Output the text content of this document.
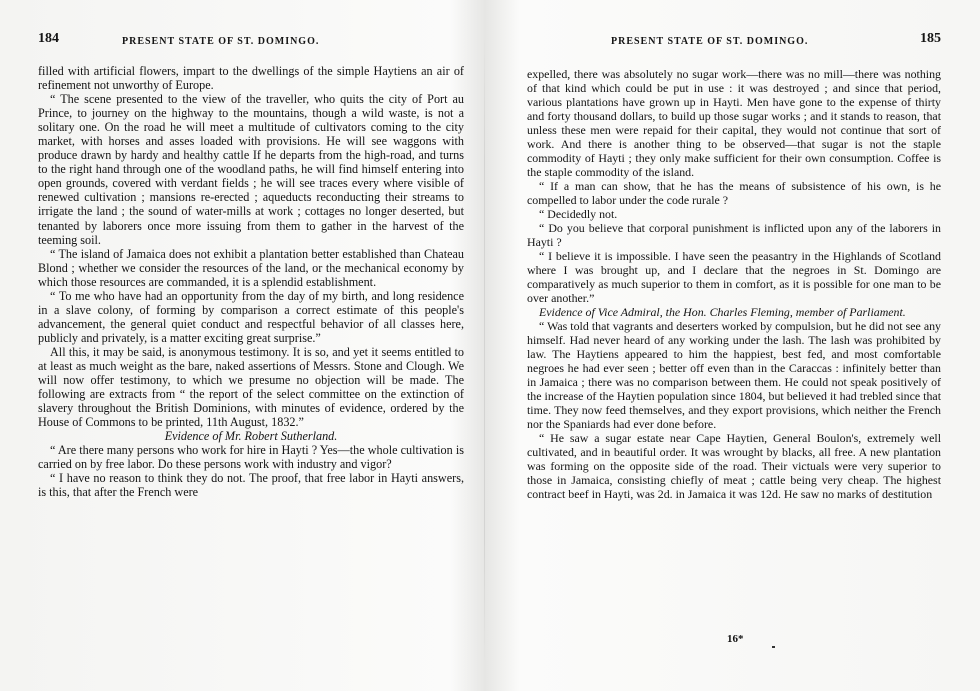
184	PRESENT STATE OF ST. DOMINGO.

filled with artificial flowers, impart to the dwellings of the simple Haytiens an air of refinement not unworthy of Europe.

“ The scene presented to the view of the traveller, who quits the city of Port au Prince, to journey on the highway to the mountains, though a wild waste, is not a solitary one. On the road he will meet a multitude of cultivators coming to the city market, with horses and asses loaded with provisions. He will see waggons with produce drawn by hardy and healthy cattle If he departs from the high-road, and turns to the right hand through one of the woodland paths, he will find himself entering into open grounds, covered with verdant fields ; he will see traces every where visible of renewed cultivation ; mansions re-erected ; aqueducts reconducting their streams to irrigate the land ; the sound of water-mills at work ; cottages no longer deserted, but tenanted by laborers once more issuing from them to gather in the harvest of the teeming soil.

“ The island of Jamaica does not exhibit a plantation better established than Chateau Blond ; whether we consider the resources of the land, or the mechanical economy by which those resources are commanded, it is a splendid establishment.

“ To me who have had an opportunity from the day of my birth, and long residence in a slave colony, of forming by comparison a correct estimate of this people's advancement, the general quiet conduct and respectful behavior of all classes here, publicly and privately, is a matter exciting great surprise.”

All this, it may be said, is anonymous testimony. It is so, and yet it seems entitled to at least as much weight as the bare, naked assertions of Messrs. Stone and Clough. We will now offer testimony, to which we presume no objection will be made. The following are extracts from “ the report of the select committee on the extinction of slavery throughout the British Dominions, with minutes of evidence, ordered by the House of Commons to be printed, 11th August, 1832.”

Evidence of Mr. Robert Sutherland.

“ Are there many persons who work for hire in Hayti ? Yes—the whole cultivation is carried on by free labor. Do these persons work with industry and vigor?

“ I have no reason to think they do not. The proof, that free labor in Hayti answers, is this, that after the French were

PRESENT STATE OF ST. DOMINGO.	185

expelled, there was absolutely no sugar work—there was no mill—there was nothing of that kind which could be put in use : it was destroyed ; and since that period, various plantations have grown up in Hayti. Men have gone to the expense of thirty and forty thousand dollars, to build up those sugar works ; and it stands to reason, that unless these men were repaid for their capital, they would not continue that sort of work. And there is another thing to be observed—that sugar is not the staple commodity of Hayti ; they only make sufficient for their own consumption. Coffee is the staple commodity of the island.

“ If a man can show, that he has the means of subsistence of his own, is he compelled to labor under the code rurale ?

“ Decidedly not.

“ Do you believe that corporal punishment is inflicted upon any of the laborers in Hayti ?

“ I believe it is impossible. I have seen the peasantry in the Highlands of Scotland where I was brought up, and I declare that the negroes in St. Domingo are comparatively as much superior to them in comfort, as it is possible for one man to be over another.”

Evidence of Vice Admiral, the Hon. Charles Fleming, member of Parliament.

“ Was told that vagrants and deserters worked by compulsion, but he did not see any himself. Had never heard of any working under the lash. The lash was prohibited by law. The Haytiens appeared to him the happiest, best fed, and most comfortable negroes he had ever seen ; better off even than in the Caraccas : infinitely better than in Jamaica ; there was no comparison between them. He could not speak positively of the increase of the Haytien population since 1804, but believed it had trebled since that time. They now feed themselves, and they export provisions, which neither the French nor the Spaniards had ever done before.

“ He saw a sugar estate near Cape Haytien, General Boulon's, extremely well cultivated, and in beautiful order. It was wrought by blacks, all free. A new plantation was forming on the opposite side of the road. Their victuals were very superior to those in Jamaica, consisting chiefly of meat ; cattle being very cheap. The highest contract beef in Hayti, was 2d. in Jamaica it was 12d. He saw no marks of destitution

16*
